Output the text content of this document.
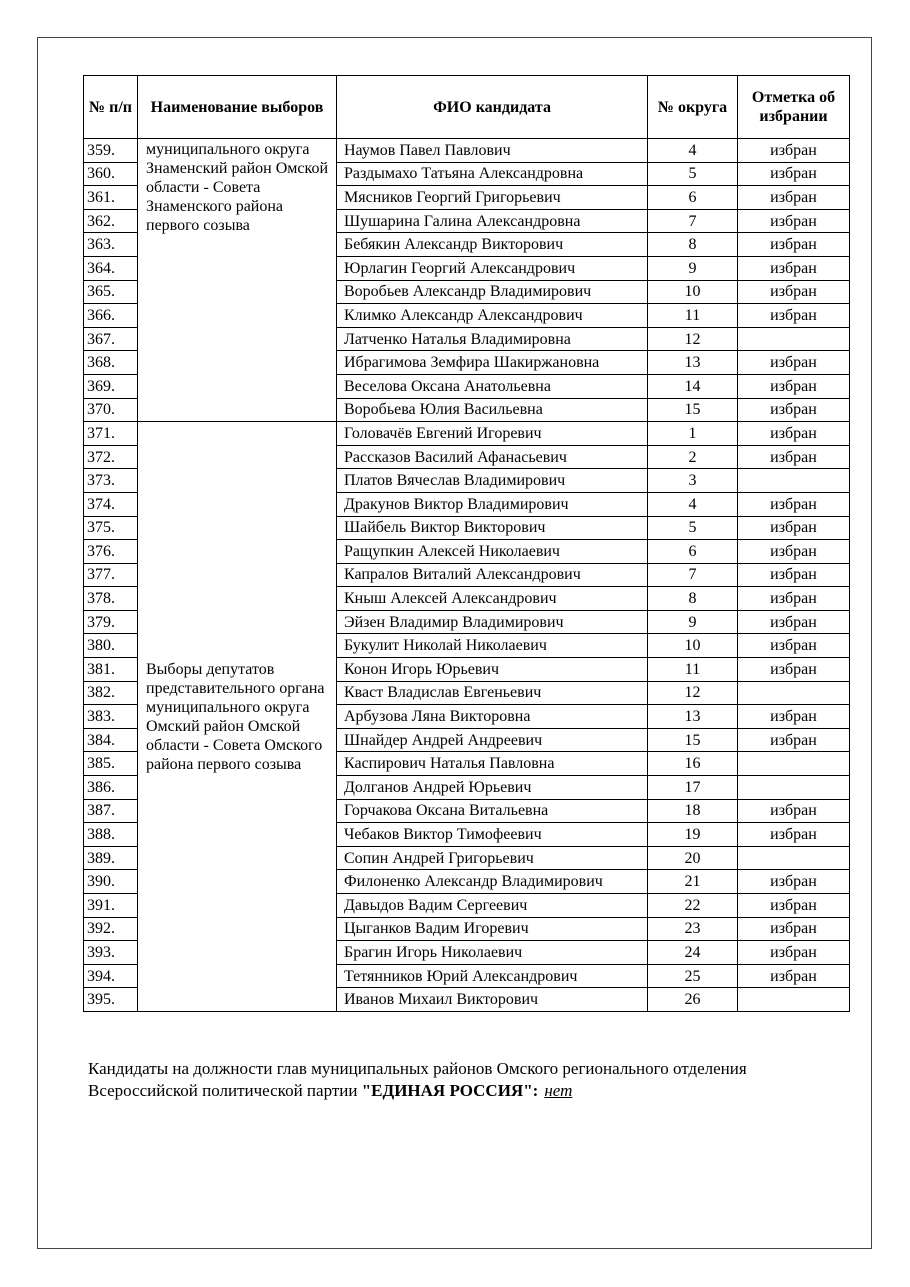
№ п/п	Наименование выборов	ФИО кандидата	№ округа	Отметка об избрании
359.	муниципального округа Знаменский район Омской области - Совета Знаменского района первого созыва	Наумов Павел Павлович	4	избран
360.		Раздымахо Татьяна Александровна	5	избран
361.		Мясников Георгий Григорьевич	6	избран
362.		Шушарина Галина Александровна	7	избран
363.		Бебякин Александр Викторович	8	избран
364.		Юрлагин Георгий Александрович	9	избран
365.		Воробьев Александр Владимирович	10	избран
366.		Климко Александр Александрович	11	избран
367.		Латченко Наталья Владимировна	12	
368.		Ибрагимова Земфира Шакиржановна	13	избран
369.		Веселова Оксана Анатольевна	14	избран
370.		Воробьева Юлия Васильевна	15	избран
371.	Выборы депутатов представительного органа муниципального округа Омский район Омской области - Совета Омского района первого созыва	Головачёв Евгений Игоревич	1	избран
372.		Рассказов Василий Афанасьевич	2	избран
373.		Платов Вячеслав Владимирович	3	
374.		Дракунов Виктор Владимирович	4	избран
375.		Шайбель Виктор Викторович	5	избран
376.		Ращупкин Алексей Николаевич	6	избран
377.		Капралов Виталий Александрович	7	избран
378.		Кныш Алексей Александрович	8	избран
379.		Эйзен Владимир Владимирович	9	избран
380.		Букулит Николай Николаевич	10	избран
381.		Конон Игорь Юрьевич	11	избран
382.		Кваст Владислав Евгеньевич	12	
383.		Арбузова Ляна Викторовна	13	избран
384.		Шнайдер Андрей Андреевич	15	избран
385.		Каспирович Наталья Павловна	16	
386.		Долганов Андрей Юрьевич	17	
387.		Горчакова Оксана Витальевна	18	избран
388.		Чебаков Виктор Тимофеевич	19	избран
389.		Сопин Андрей Григорьевич	20	
390.		Филоненко Александр Владимирович	21	избран
391.		Давыдов Вадим Сергеевич	22	избран
392.		Цыганков Вадим Игоревич	23	избран
393.		Брагин Игорь Николаевич	24	избран
394.		Тетянников Юрий Александрович	25	избран
395.		Иванов Михаил Викторович	26	
Кандидаты на должности глав муниципальных районов Омского регионального отделения Всероссийской политической партии "ЕДИНАЯ РОССИЯ": нет
